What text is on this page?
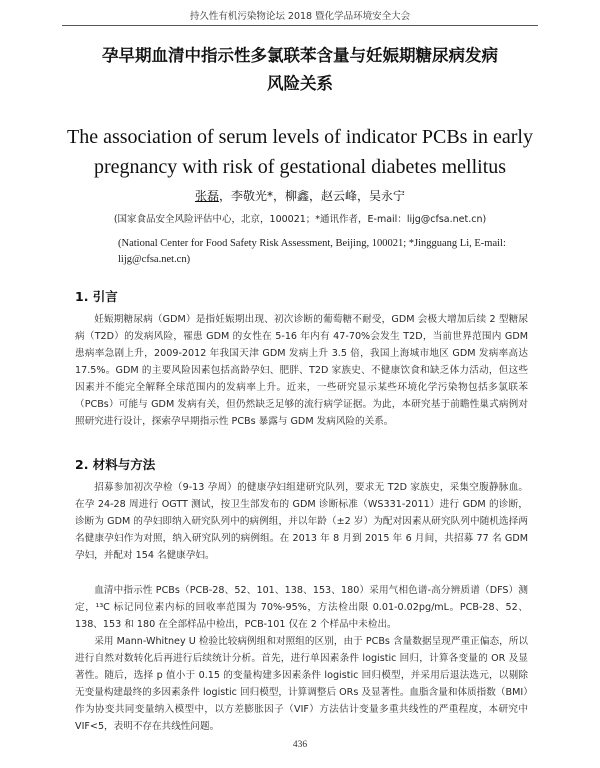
持久性有机污染物论坛 2018 暨化学品环境安全大会
孕早期血清中指示性多氯联苯含量与妊娠期糖尿病发病
风险关系
The association of serum levels of indicator PCBs in early
pregnancy with risk of gestational diabetes mellitus
张磊，李敬光*，柳鑫，赵云峰，吴永宁
(国家食品安全风险评估中心，北京，100021；*通讯作者，E-mail：lijg@cfsa.net.cn)
(National Center for Food Safety Risk Assessment, Beijing, 100021; *Jingguang Li, E-mail:
lijg@cfsa.net.cn)
1. 引言

妊娠期糖尿病（GDM）是指妊娠期出现、初次诊断的葡萄糖不耐受，GDM 会极大增加后续 2 型糖尿病（T2D）的发病风险，罹患 GDM 的女性在 5-16 年内有 47-70%会发生 T2D，当前世界范围内 GDM 患病率急剧上升，2009-2012 年我国天津 GDM 发病上升 3.5 倍，我国上海城市地区 GDM 发病率高达 17.5%。GDM 的主要风险因素包括高龄孕妇、肥胖、T2D 家族史、不健康饮食和缺乏体力活动，但这些因素并不能完全解释全球范围内的发病率上升。近来，一些研究显示某些环境化学污染物包括多氯联苯（PCBs）可能与 GDM 发病有关，但仍然缺乏足够的流行病学证据。为此，本研究基于前瞻性巢式病例对照研究进行设计，探索孕早期指示性 PCBs 暴露与 GDM 发病风险的关系。

2. 材料与方法

招募参加初次孕检（9-13 孕周）的健康孕妇组建研究队列，要求无 T2D 家族史，采集空腹静脉血。在孕 24-28 周进行 OGTT 测试，按卫生部发布的 GDM 诊断标准（WS331-2011）进行 GDM 的诊断，诊断为 GDM 的孕妇即纳入研究队列中的病例组，并以年龄（±2 岁）为配对因素从研究队列中随机选择两名健康孕妇作为对照，纳入研究队列的病例组。在 2013 年 8 月到 2015 年 6 月间，共招募 77 名 GDM 孕妇，并配对 154 名健康孕妇。

血清中指示性 PCBs（PCB-28、52、101、138、153、180）采用气相色谱-高分辨质谱（DFS）测定，¹³C 标记同位素内标的回收率范围为 70%-95%，方法检出限 0.01-0.02pg/mL。PCB-28、52、138、153 和 180 在全部样品中检出，PCB-101 仅在 2 个样品中未检出。

采用 Mann-Whitney U 检验比较病例组和对照组的区别，由于 PCBs 含量数据呈现严重正偏态，所以进行自然对数转化后再进行后续统计分析。首先，进行单因素条件 logistic 回归，计算各变量的 OR 及显著性。随后，选择 p 值小于 0.15 的变量构建多因素条件 logistic 回归模型，并采用后退法选元，以剔除无变量构建最终的多因素条件 logistic 回归模型，计算调整后 ORs 及显著性。血脂含量和体质指数（BMI）作为协变共同变量纳入模型中，以方差膨胀因子（VIF）方法估计变量多重共线性的严重程度，本研究中 VIF<5，表明不存在共线性问题。

436
